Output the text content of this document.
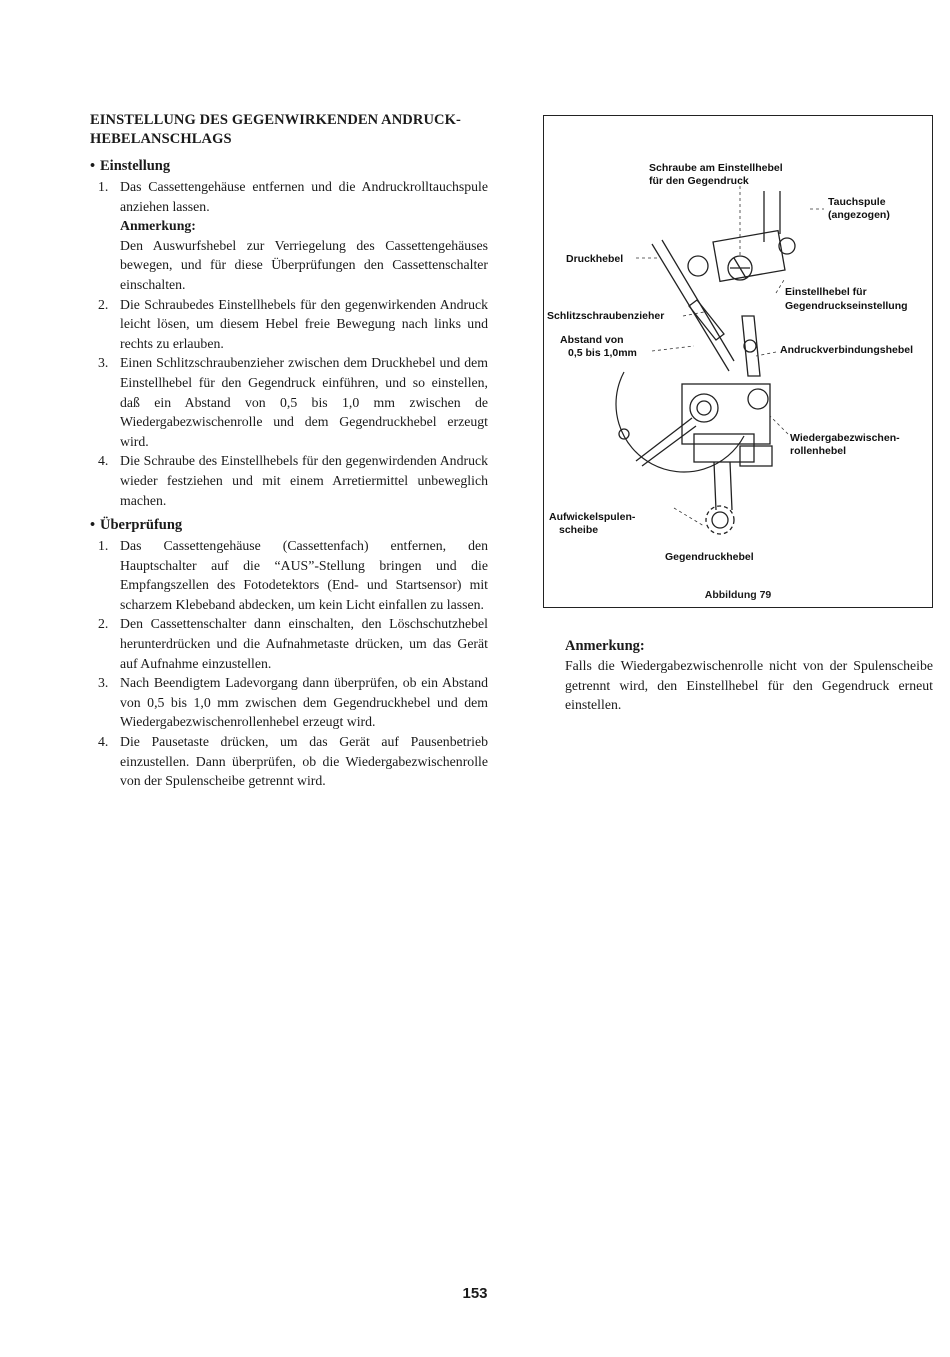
EINSTELLUNG DES GEGENWIRKENDEN ANDRUCK-HEBELANSCHLAGS
• Einstellung
1. Das Cassettengehäuse entfernen und die Andruckrolltauchspule anziehen lassen.
Anmerkung:
Den Auswurfshebel zur Verriegelung des Cassettengehäuses bewegen, und für diese Überprüfungen den Cassettenschalter einschalten.
2. Die Schraubedes Einstellhebels für den gegenwirkenden Andruck leicht lösen, um diesem Hebel freie Bewegung nach links und rechts zu erlauben.
3. Einen Schlitzschraubenzieher zwischen dem Druckhebel und dem Einstellhebel für den Gegendruck einführen, und so einstellen, daß ein Abstand von 0,5 bis 1,0 mm zwischen de Wiedergabezwischenrolle und dem Gegendruckhebel erzeugt wird.
4. Die Schraube des Einstellhebels für den gegenwirdenden Andruck wieder festziehen und mit einem Arretiermittel unbeweglich machen.
• Überprüfung
1. Das Cassettengehäuse (Cassettenfach) entfernen, den Hauptschalter auf die “AUS”-Stellung bringen und die Empfangszellen des Fotodetektors (End- und Startsensor) mit scharzem Klebeband abdecken, um kein Licht einfallen zu lassen.
2. Den Cassettenschalter dann einschalten, den Löschschutzhebel herunterdrücken und die Aufnahmetaste drücken, um das Gerät auf Aufnahme einzustellen.
3. Nach Beendigtem Ladevorgang dann überprüfen, ob ein Abstand von 0,5 bis 1,0 mm zwischen dem Gegendruckhebel und dem Wiedergabezwischenrollenhebel erzeugt wird.
4. Die Pausetaste drücken, um das Gerät auf Pausenbetrieb einzustellen. Dann überprüfen, ob die Wiedergabezwischenrolle von der Spulenscheibe getrennt wird.
Schraube am Einstellhebel
für den Gegendruck
Tauchspule
(angezogen)
Druckhebel
Einstellhebel für
Gegendruckseinstellung
Schlitzschraubenzieher
Abstand von
0,5 bis 1,0mm	Andruckverbindungshebel
Wiedergabezwischen-
rollenhebel
Aufwickelspulen-
scheibe
Gegendruckhebel
Abbildung 79
Anmerkung:

Falls die Wiedergabezwischenrolle nicht von der Spulenscheibe getrennt wird, den Einstellhebel für den Gegendruck erneut einstellen.

153
